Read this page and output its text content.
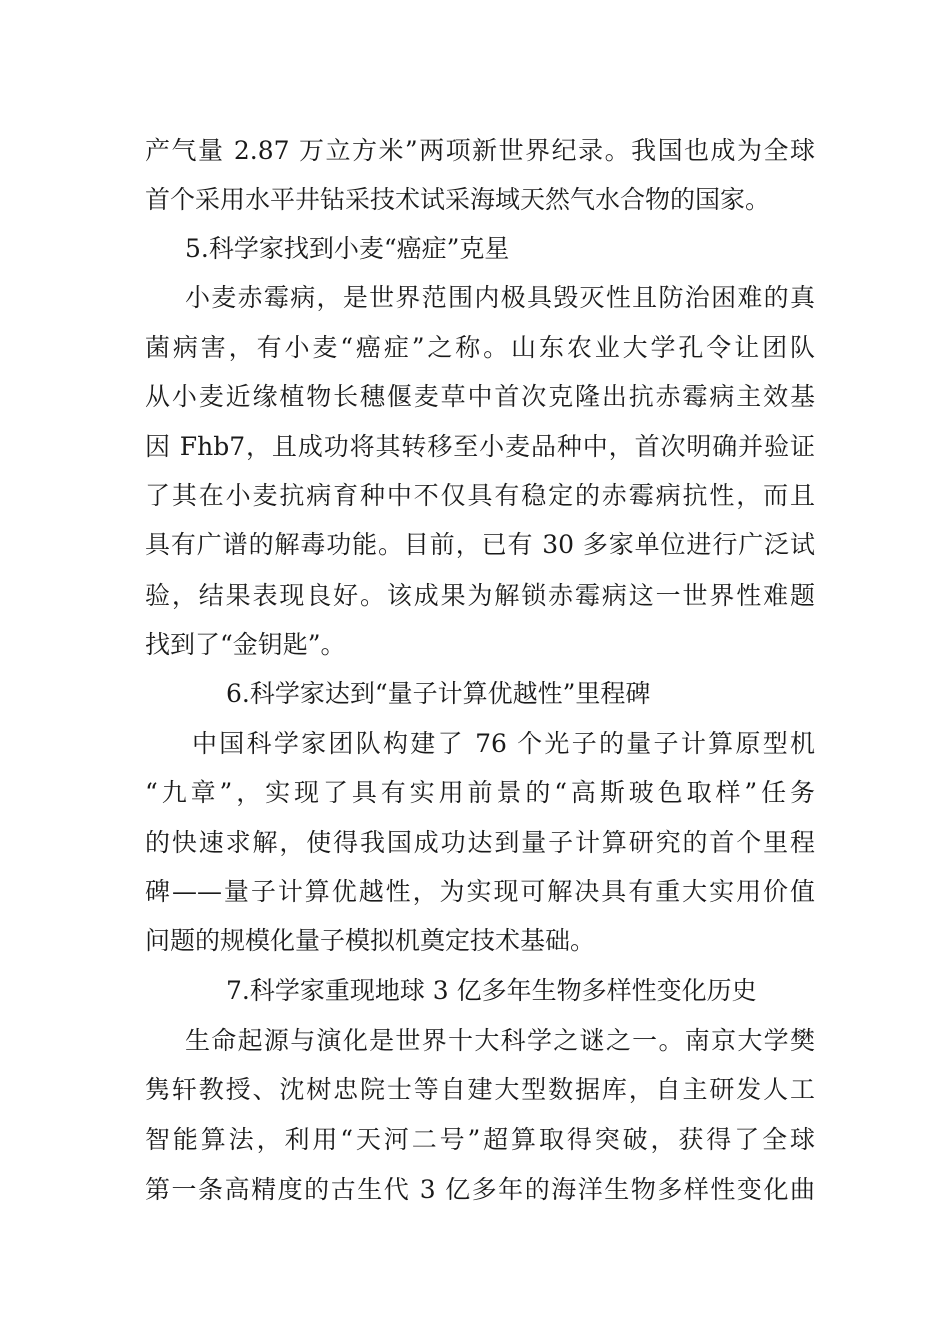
产气量 2.87 万立方米”两项新世界纪录。我国也成为全球
首个采用水平井钻采技术试采海域天然气水合物的国家。
5.科学家找到小麦“癌症”克星
小麦赤霉病，是世界范围内极具毁灭性且防治困难的真
菌病害，有小麦“癌症”之称。山东农业大学孔令让团队
从小麦近缘植物长穗偃麦草中首次克隆出抗赤霉病主效基
因 Fhb7，且成功将其转移至小麦品种中，首次明确并验证
了其在小麦抗病育种中不仅具有稳定的赤霉病抗性，而且
具有广谱的解毒功能。目前，已有 30 多家单位进行广泛试
验，结果表现良好。该成果为解锁赤霉病这一世界性难题
找到了“金钥匙”。
6.科学家达到“量子计算优越性”里程碑
中国科学家团队构建了 76 个光子的量子计算原型机
“九章”，实现了具有实用前景的“高斯玻色取样”任务
的快速求解，使得我国成功达到量子计算研究的首个里程
碑——量子计算优越性，为实现可解决具有重大实用价值
问题的规模化量子模拟机奠定技术基础。
7.科学家重现地球 3 亿多年生物多样性变化历史
生命起源与演化是世界十大科学之谜之一。南京大学樊
隽轩教授、沈树忠院士等自建大型数据库，自主研发人工
智能算法，利用“天河二号”超算取得突破，获得了全球
第一条高精度的古生代 3 亿多年的海洋生物多样性变化曲
